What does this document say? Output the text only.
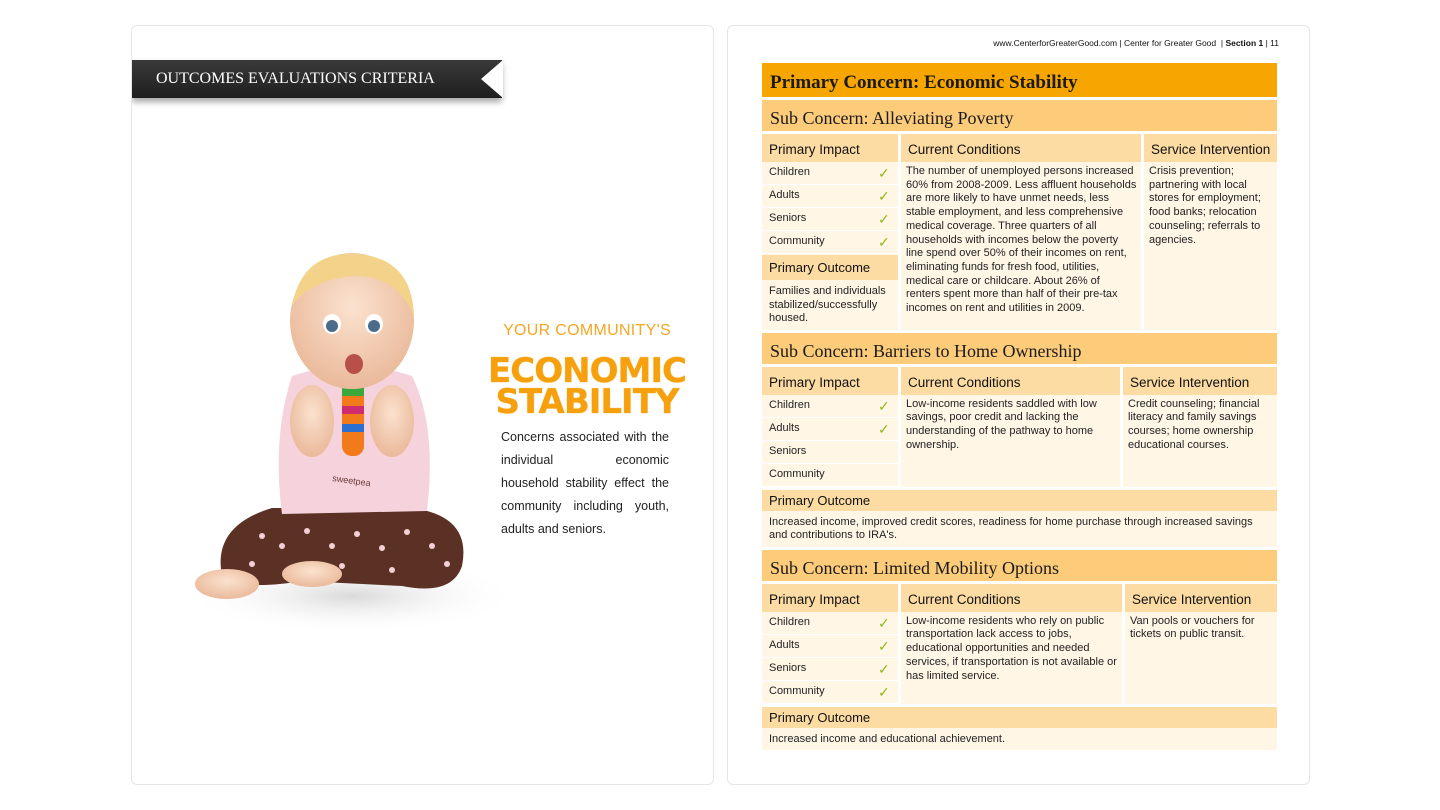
OUTCOMES EVALUATIONS CRITERIA
sweetpea
YOUR COMMUNITY'S
ECONOMIC
STABILITY
Concerns associated with the individual economic household stability effect the community including youth, adults and seniors.
www.CenterforGreaterGood.com | Center for Greater Good  | Section 1 | 11
Primary Concern: Economic Stability
Sub Concern: Alleviating Poverty
Primary Impact
Children	✓
Adults	✓
Seniors	✓
Community	✓
Primary Outcome
Families and individuals stabilized/successfully housed.
Current Conditions
The number of unemployed persons increased 60% from 2008-2009. Less affluent households are more likely to have unmet needs, less stable employment, and less comprehensive medical coverage. Three quarters of all households with incomes below the poverty line spend over 50% of their incomes on rent, eliminating funds for fresh food, utilities, medical care or childcare. About 26% of renters spent more than half of their pre-tax incomes on rent and utilities in 2009.
Service Intervention
Crisis prevention; partnering with local stores for employment; food banks; relocation counseling; referrals to agencies.
Sub Concern: Barriers to Home Ownership
Primary Impact
Children	✓
Adults	✓
Seniors
Community
Current Conditions
Low-income residents saddled with low savings, poor credit and lacking the understanding of the pathway to home ownership.
Service Intervention
Credit counseling; financial literacy and family savings courses; home ownership educational courses.
Primary Outcome
Increased income, improved credit scores, readiness for home purchase through increased savings and contributions to IRA's.
Sub Concern: Limited Mobility Options
Primary Impact
Children	✓
Adults	✓
Seniors	✓
Community	✓
Current Conditions
Low-income residents who rely on public transportation lack access to jobs, educational opportunities and needed services, if transportation is not available or has limited service.
Service Intervention
Van pools or vouchers for tickets on public transit.
Primary Outcome
Increased income and educational achievement.
